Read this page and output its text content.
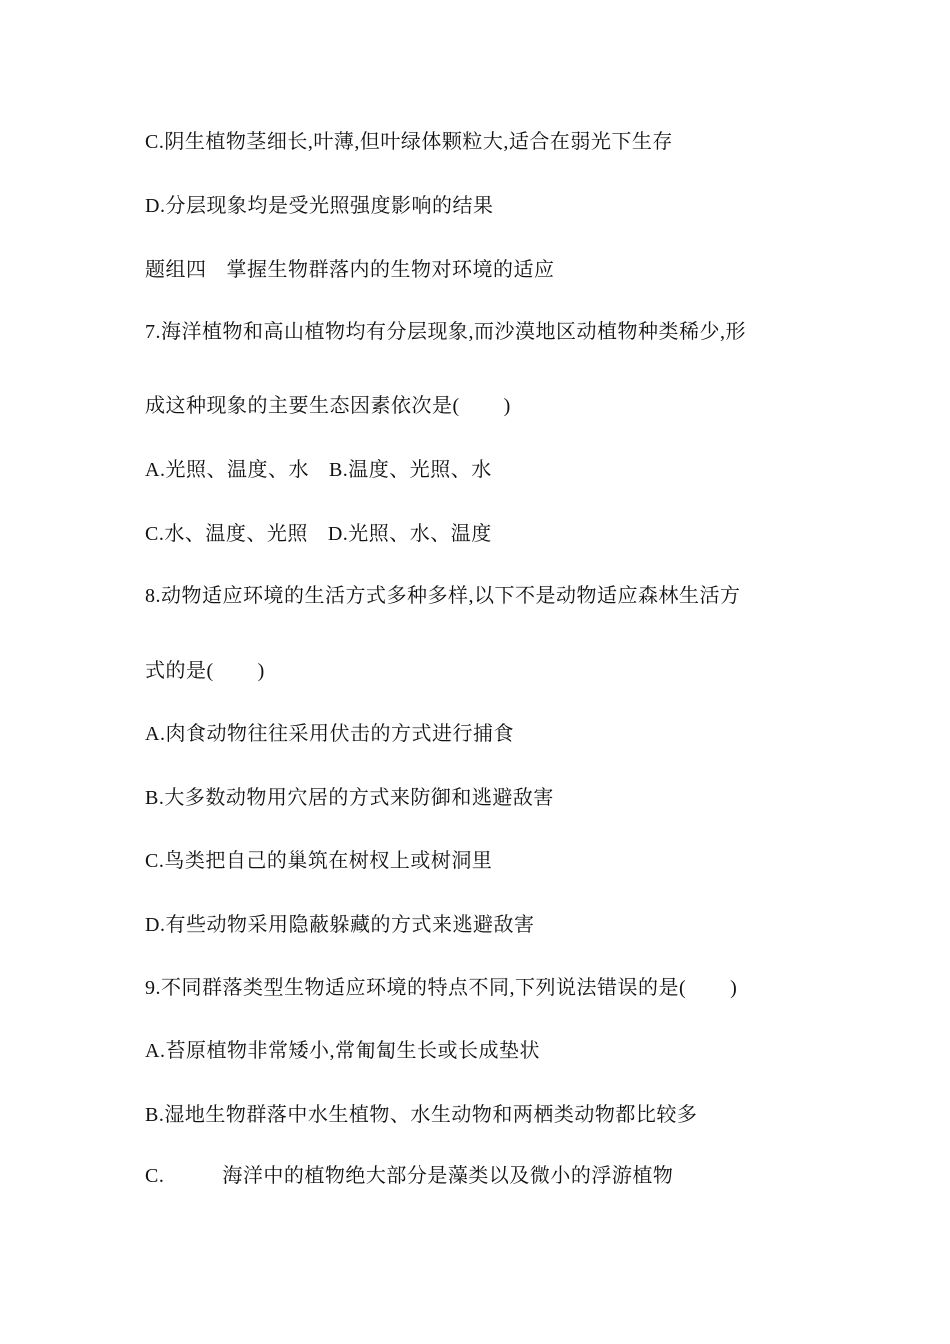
C.阴生植物茎细长,叶薄,但叶绿体颗粒大,适合在弱光下生存
D.分层现象均是受光照强度影响的结果
题组四 掌握生物群落内的生物对环境的适应
7.海洋植物和高山植物均有分层现象,而沙漠地区动植物种类稀少,形
成这种现象的主要生态因素依次是( )
A.光照、温度、水 B.温度、光照、水
C.水、温度、光照 D.光照、水、温度
8.动物适应环境的生活方式多种多样,以下不是动物适应森林生活方
式的是( )
A.肉食动物往往采用伏击的方式进行捕食
B.大多数动物用穴居的方式来防御和逃避敌害
C.鸟类把自己的巢筑在树杈上或树洞里
D.有些动物采用隐蔽躲藏的方式来逃避敌害
9.不同群落类型生物适应环境的特点不同,下列说法错误的是( )
A.苔原植物非常矮小,常匍匐生长或长成垫状
B.湿地生物群落中水生植物、水生动物和两栖类动物都比较多
C.	海洋中的植物绝大部分是藻类以及微小的浮游植物
